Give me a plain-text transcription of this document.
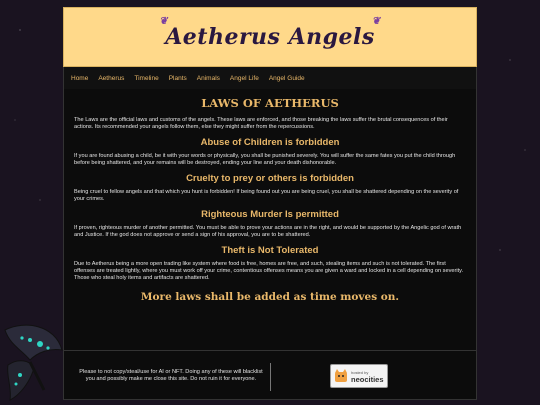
❦
Aetherus Angels
❦
Home Aetherus Timeline Plants Animals Angel Life Angel Guide
LAWS OF AETHERUS

The Laws are the official laws and customs of the angels. These laws are enforced, and those breaking the laws suffer the brutal consequences of their actions. Its recommended your angels follow them, else they might suffer from the repercussions.

Abuse of Children is forbidden

If you are found abusing a child, be it with your words or physically, you shall be punished severely. You will suffer the same fates you put the child through before being shattered, and your remains will be destroyed, ending your line and your death dishonorable.

Cruelty to prey or others is forbidden

Being cruel to fellow angels and that which you hunt is forbidden! If being found out you are being cruel, you shall be shattered depending on the severity of your crimes.

Righteous Murder Is permitted

If proven, righteous murder of another permitted. You must be able to prove your actions are in the right, and would be supported by the Angelic god of wrath and Justice. If the god does not approve or send a sign of his approval, you are to be shattered.

Theft is Not Tolerated

Due to Aetherus being a more open trading like system where food is free, homes are free, and such, stealing items and such is not tolerated. The first offenses are treated lightly, where you must work off your crime, contentious offenses means you are given a ward and locked in a cell depending on severity. Those who steal holy items and artifacts are shattered.

More laws shall be added as time moves on.
Please to not copy/steal/use for AI or NFT. Doing any of these will blacklist you and possibly make me close this site. Do not ruin it for everyone.
hosted by
neocities
